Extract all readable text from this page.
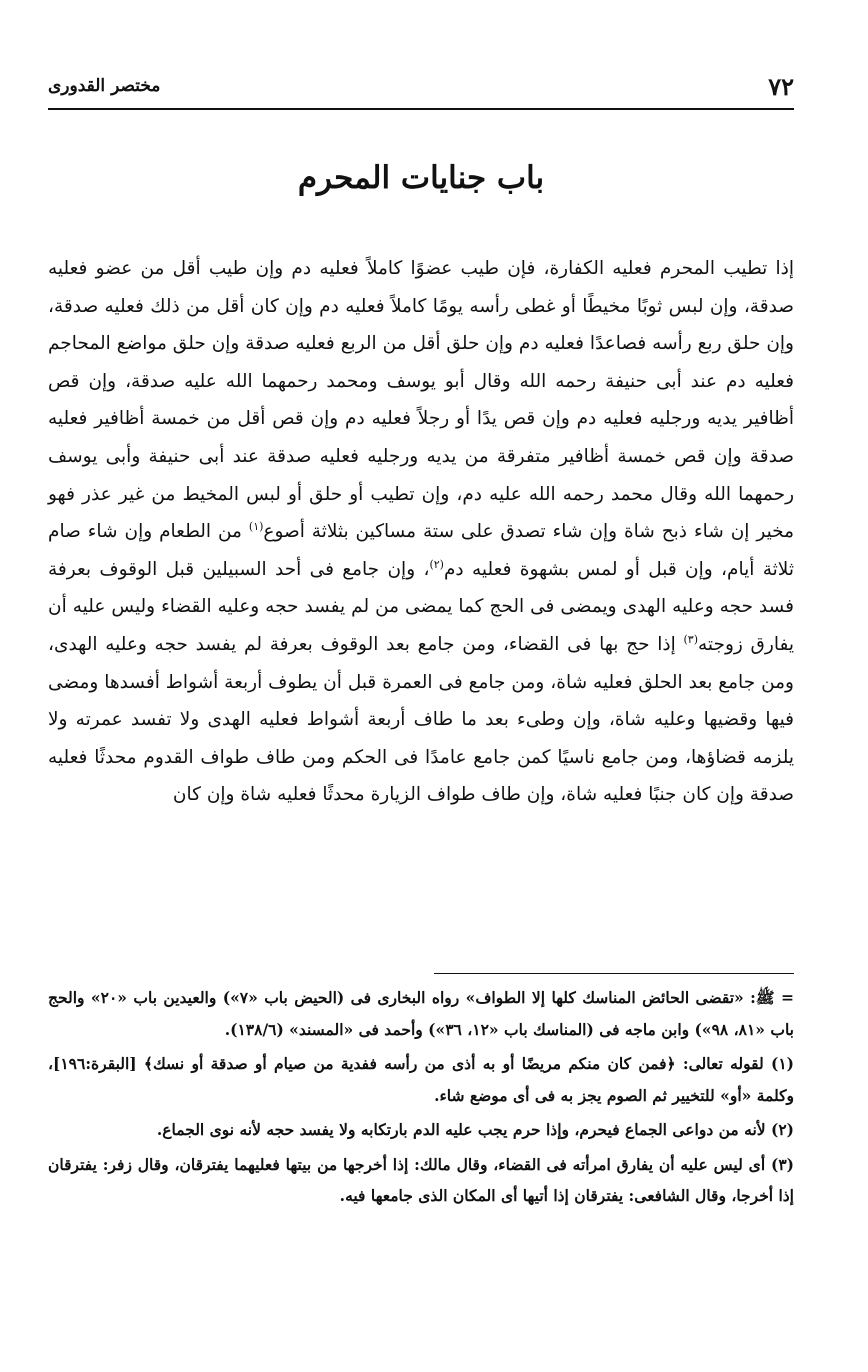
٧٢
مختصر القدورى
باب جنايات المحرم

إذا تطيب المحرم فعليه الكفارة، فإن طيب عضوًا كاملاً فعليه دم وإن طيب أقل من عضو فعليه صدقة، وإن لبس ثوبًا مخيطًا أو غطى رأسه يومًا كاملاً فعليه دم وإن كان أقل من ذلك فعليه صدقة، وإن حلق ربع رأسه فصاعدًا فعليه دم وإن حلق أقل من الربع فعليه صدقة وإن حلق مواضع المحاجم فعليه دم عند أبى حنيفة رحمه الله وقال أبو يوسف ومحمد رحمهما الله عليه صدقة، وإن قص أظافير يديه ورجليه فعليه دم وإن قص يدًا أو رجلاً فعليه دم وإن قص أقل من خمسة أظافير فعليه صدقة وإن قص خمسة أظافير متفرقة من يديه ورجليه فعليه صدقة عند أبى حنيفة وأبى يوسف رحمهما الله وقال محمد رحمه الله عليه دم، وإن تطيب أو حلق أو لبس المخيط من غير عذر فهو مخير إن شاء ذبح شاة وإن شاء تصدق على ستة مساكين بثلاثة أصوع$^{(١)}$ من الطعام وإن شاء صام ثلاثة أيام، وإن قبل أو لمس بشهوة فعليه دم$^{(٢)}$، وإن جامع فى أحد السبيلين قبل الوقوف بعرفة فسد حجه وعليه الهدى ويمضى فى الحج كما يمضى من لم يفسد حجه وعليه القضاء وليس عليه أن يفارق زوجته$^{(٣)}$ إذا حج بها فى القضاء، ومن جامع بعد الوقوف بعرفة لم يفسد حجه وعليه الهدى، ومن جامع بعد الحلق فعليه شاة، ومن جامع فى العمرة قبل أن يطوف أربعة أشواط أفسدها ومضى فيها وقضيها وعليه شاة، وإن وطىء بعد ما طاف أربعة أشواط فعليه الهدى ولا تفسد عمرته ولا يلزمه قضاؤها، ومن جامع ناسيًا كمن جامع عامدًا فى الحكم ومن طاف طواف القدوم محدثًا فعليه صدقة وإن كان جنبًا فعليه شاة، وإن طاف طواف الزيارة محدثًا فعليه شاة وإن كان

= ﷺ: «تقضى الحائض المناسك كلها إلا الطواف» رواه البخارى فى (الحيض باب «٧») والعيدين باب «٢٠» والحج باب «٨١، ٩٨») وابن ماجه فى (المناسك باب «١٢، ٣٦») وأحمد فى «المسند» (١٣٨/٦).

(١) لقوله تعالى: ﴿فمن كان منكم مريضًا أو به أذى من رأسه ففدية من صيام أو صدقة أو نسك﴾ [البقرة:١٩٦]، وكلمة «أو» للتخيير ثم الصوم يجز به فى أى موضع شاء.

(٢) لأنه من دواعى الجماع فيحرم، وإذا حرم يجب عليه الدم بارتكابه ولا يفسد حجه لأنه نوى الجماع.

(٣) أى ليس عليه أن يفارق امرأته فى القضاء، وقال مالك: إذا أخرجها من بيتها فعليهما يفترقان، وقال زفر: يفترقان إذا أخرجا، وقال الشافعى: يفترقان إذا أتيها أى المكان الذى جامعها فيه.
